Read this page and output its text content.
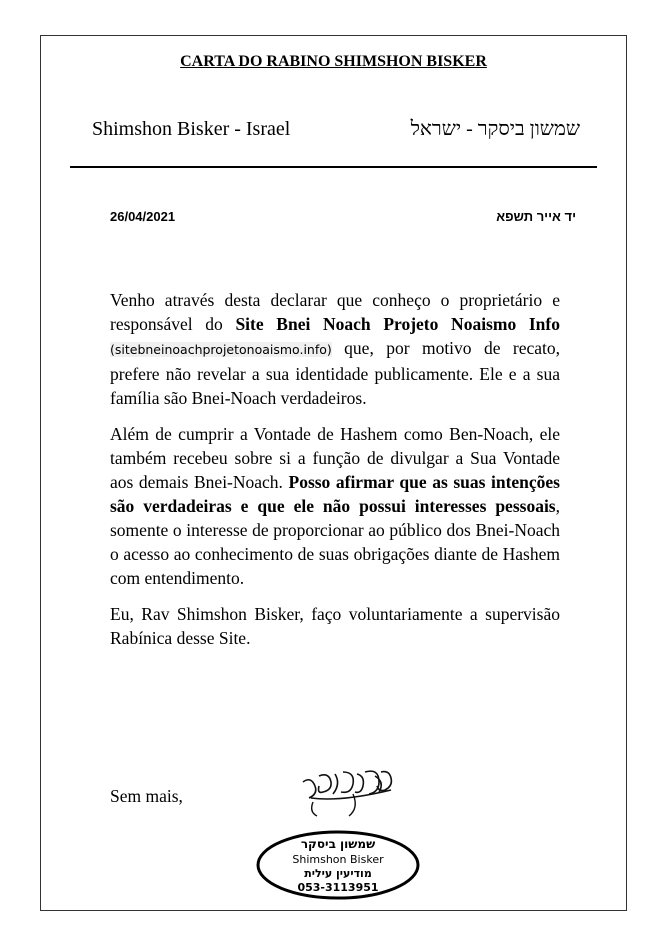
CARTA DO RABINO SHIMSHON BISKER
Shimshon Bisker - Israel	שמשון ביסקר - ישראל
26/04/2021	יד אייר תשפא

Venho através desta declarar que conheço o proprietário e responsável do Site Bnei Noach Projeto Noaismo Info (sitebneinoachprojetonoaismo.info) que, por motivo de recato, prefere não revelar a sua identidade publicamente. Ele e a sua família são Bnei-Noach verdadeiros.

Além de cumprir a Vontade de Hashem como Ben-Noach, ele também recebeu sobre si a função de divulgar a Sua Vontade aos demais Bnei-Noach. Posso afirmar que as suas intenções são verdadeiras e que ele não possui interesses pessoais, somente o interesse de proporcionar ao público dos Bnei-Noach o acesso ao conhecimento de suas obrigações diante de Hashem com entendimento.

Eu, Rav Shimshon Bisker, faço voluntariamente a supervisão Rabínica desse Site.

Sem mais,
שמשון ביסקר
Shimshon Bisker
מודיעין עילית
053-3113951
